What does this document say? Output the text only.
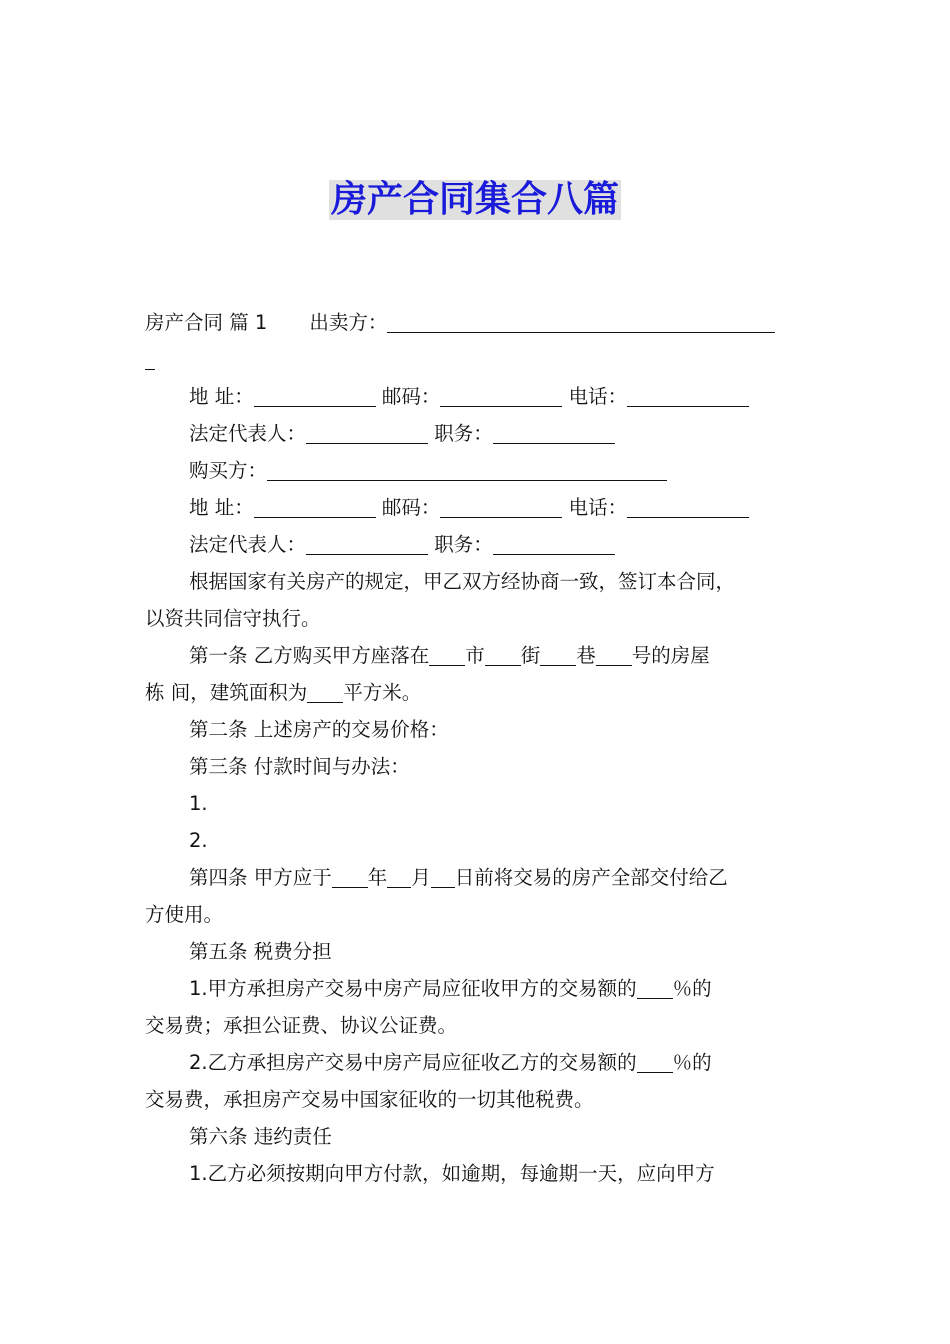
房产合同集合八篇
房产合同 篇 1 出卖方：
地 址：	邮码：	电话：
法定代表人：	职务：
购买方：
地 址：	邮码：	电话：
法定代表人：	职务：
根据国家有关房产的规定，甲乙双方经协商一致，签订本合同，
以资共同信守执行。
第一条 乙方购买甲方座落在 市 街 巷 号的房屋
栋 间，建筑面积为 平方米。
第二条 上述房产的交易价格：
第三条 付款时间与办法：
1.
2.
第四条 甲方应于 年 月 日前将交易的房产全部交付给乙
方使用。
第五条 税费分担
1.甲方承担房产交易中房产局应征收甲方的交易额的 ％的
交易费；承担公证费、协议公证费。
2.乙方承担房产交易中房产局应征收乙方的交易额的 ％的
交易费，承担房产交易中国家征收的一切其他税费。
第六条 违约责任
1.乙方必须按期向甲方付款，如逾期，每逾期一天，应向甲方
